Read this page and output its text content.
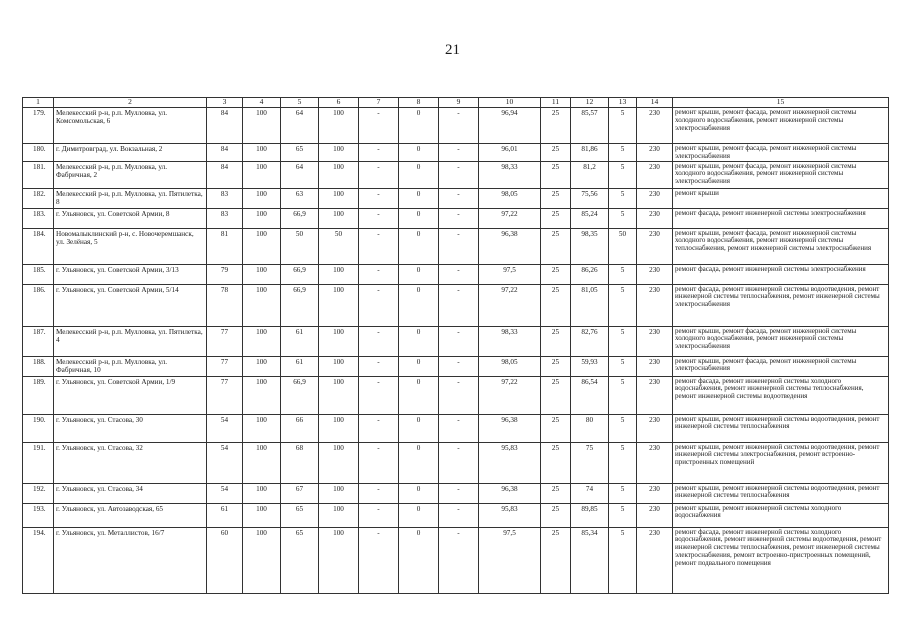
21
1	2	3	4	5	6	7	8	9	10	11	12	13	14	15
179.	Мелекесский р-н, р.п. Мулловка, ул. Комсомольская, 6	84	100	64	100	-	0	-	96,94	25	85,57	5	230	ремонт крыши, ремонт фасада, ремонт инженерной системы холодного водоснабжения, ремонт инженерной системы электроснабжения
180.	г. Димитровград, ул. Вокзальная, 2	84	100	65	100	-	0	-	96,01	25	81,86	5	230	ремонт крыши, ремонт фасада, ремонт инженерной системы электроснабжения
181.	Мелекесский р-н, р.п. Мулловка, ул. Фабричная, 2	84	100	64	100	-	0	-	98,33	25	81,2	5	230	ремонт крыши, ремонт фасада, ремонт инженерной системы холодного водоснабжения, ремонт инженерной системы электроснабжения
182.	Мелекесский р-н, р.п. Мулловка, ул. Пятилетка, 8	83	100	63	100	-	0	-	98,05	25	75,56	5	230	ремонт крыши
183.	г. Ульяновск, ул. Советской Армии, 8	83	100	66,9	100	-	0	-	97,22	25	85,24	5	230	ремонт фасада, ремонт инженерной системы электроснабжения
184.	Новомалыклинский р-н, с. Новочеремшанск, ул. Зелёная, 5	81	100	50	50	-	0	-	96,38	25	98,35	50	230	ремонт крыши, ремонт фасада, ремонт инженерной системы холодного водоснабжения, ремонт инженерной системы теплоснабжения, ремонт инженерной системы электроснабжения
185.	г. Ульяновск, ул. Советской Армии, 3/13	79	100	66,9	100	-	0	-	97,5	25	86,26	5	230	ремонт фасада, ремонт инженерной системы электроснабжения
186.	г. Ульяновск, ул. Советской Армии, 5/14	78	100	66,9	100	-	0	-	97,22	25	81,05	5	230	ремонт фасада, ремонт инженерной системы водоотведения, ремонт инженерной системы теплоснабжения, ремонт инженерной системы электроснабжения
187.	Мелекесский р-н, р.п. Мулловка, ул. Пятилетка, 4	77	100	61	100	-	0	-	98,33	25	82,76	5	230	ремонт крыши, ремонт фасада, ремонт инженерной системы холодного водоснабжения, ремонт инженерной системы электроснабжения
188.	Мелекесский р-н, р.п. Мулловка, ул. Фабричная, 10	77	100	61	100	-	0	-	98,05	25	59,93	5	230	ремонт крыши, ремонт фасада, ремонт инженерной системы электроснабжения
189.	г. Ульяновск, ул. Советской Армии, 1/9	77	100	66,9	100	-	0	-	97,22	25	86,54	5	230	ремонт фасада, ремонт инженерной системы холодного водоснабжения, ремонт инженерной системы теплоснабжения, ремонт инженерной системы водоотведения
190.	г. Ульяновск, ул. Стасова, 30	54	100	66	100	-	0	-	96,38	25	80	5	230	ремонт крыши, ремонт инженерной системы водоотведения, ремонт инженерной системы теплоснабжения
191.	г. Ульяновск, ул. Стасова, 32	54	100	68	100	-	0	-	95,83	25	75	5	230	ремонт крыши, ремонт инженерной системы водоотведения, ремонт инженерной системы электроснабжения, ремонт встроенно-пристроенных помещений
192.	г. Ульяновск, ул. Стасова, 34	54	100	67	100	-	0	-	96,38	25	74	5	230	ремонт крыши, ремонт инженерной системы водоотведения, ремонт инженерной системы теплоснабжения
193.	г. Ульяновск, ул. Автозаводская, 65	61	100	65	100	-	0	-	95,83	25	89,85	5	230	ремонт крыши, ремонт инженерной системы холодного водоснабжения
194.	г. Ульяновск, ул. Металлистов, 16/7	60	100	65	100	-	0	-	97,5	25	85,34	5	230	ремонт фасада, ремонт инженерной системы холодного водоснабжения, ремонт инженерной системы водоотведения, ремонт инженерной системы теплоснабжения, ремонт инженерной системы электроснабжения, ремонт встроенно-пристроенных помещений, ремонт подвального помещения
